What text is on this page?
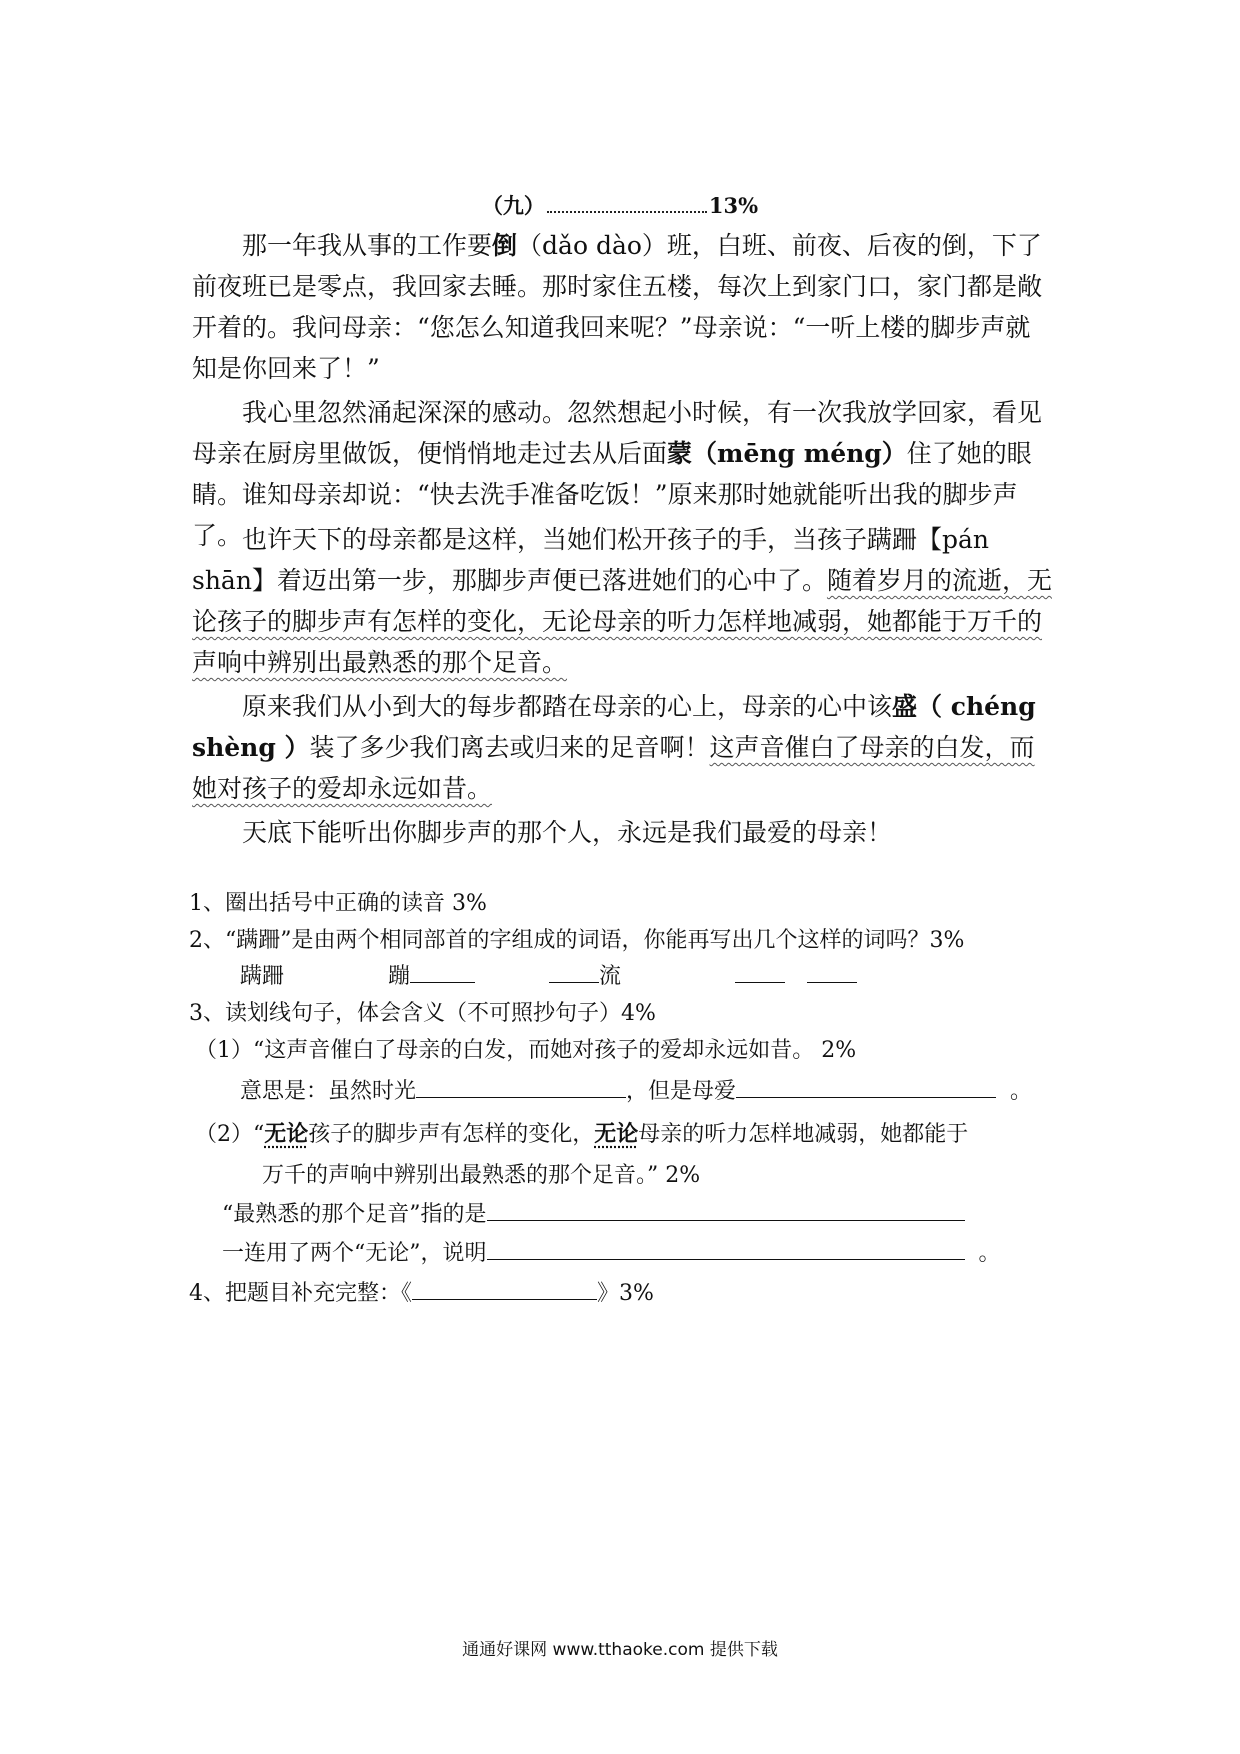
（九）	13%
那一年我从事的工作要倒（dǎo dào）班，白班、前夜、后夜的倒，下了前夜班已是零点，我回家去睡。那时家住五楼，每次上到家门口，家门都是敞开着的。我问母亲：“您怎么知道我回来呢？”母亲说：“一听上楼的脚步声就知是你回来了！”
我心里忽然涌起深深的感动。忽然想起小时候，有一次我放学回家，看见母亲在厨房里做饭，便悄悄地走过去从后面蒙（mēng méng）住了她的眼睛。谁知母亲却说：“快去洗手准备吃饭！”原来那时她就能听出我的脚步声了。 也许天下的母亲都是这样，当她们松开孩子的手，当孩子蹒跚【pán shān】着迈出第一步，那脚步声便已落进她们的心中了。随着岁月的流逝，无论孩子的脚步声有怎样的变化，无论母亲的听力怎样地减弱，她都能于万千的声响中辨别出最熟悉的那个足音。
原来我们从小到大的每步都踏在母亲的心上，母亲的心中该盛（ chéng shèng ）装了多少我们离去或归来的足音啊！这声音催白了母亲的白发，而她对孩子的爱却永远如昔。
天底下能听出你脚步声的那个人，永远是我们最爱的母亲！
1、圈出括号中正确的读音 3%
2、“蹒跚”是由两个相同部首的字组成的词语，你能再写出几个这样的词吗？3%
蹒跚	蹦	流
3、读划线句子，体会含义（不可照抄句子）4%
（1）“这声音催白了母亲的白发，而她对孩子的爱却永远如昔。 2%
意思是：虽然时光	，但是母爱	。
（2）“无论孩子的脚步声有怎样的变化，无论母亲的听力怎样地减弱，她都能于
万千的声响中辨别出最熟悉的那个足音。” 2%
“最熟悉的那个足音”指的是
一连用了两个“无论”，说明	。
4、把题目补充完整：《	》3%
通通好课网 www.tthaoke.com 提供下载
